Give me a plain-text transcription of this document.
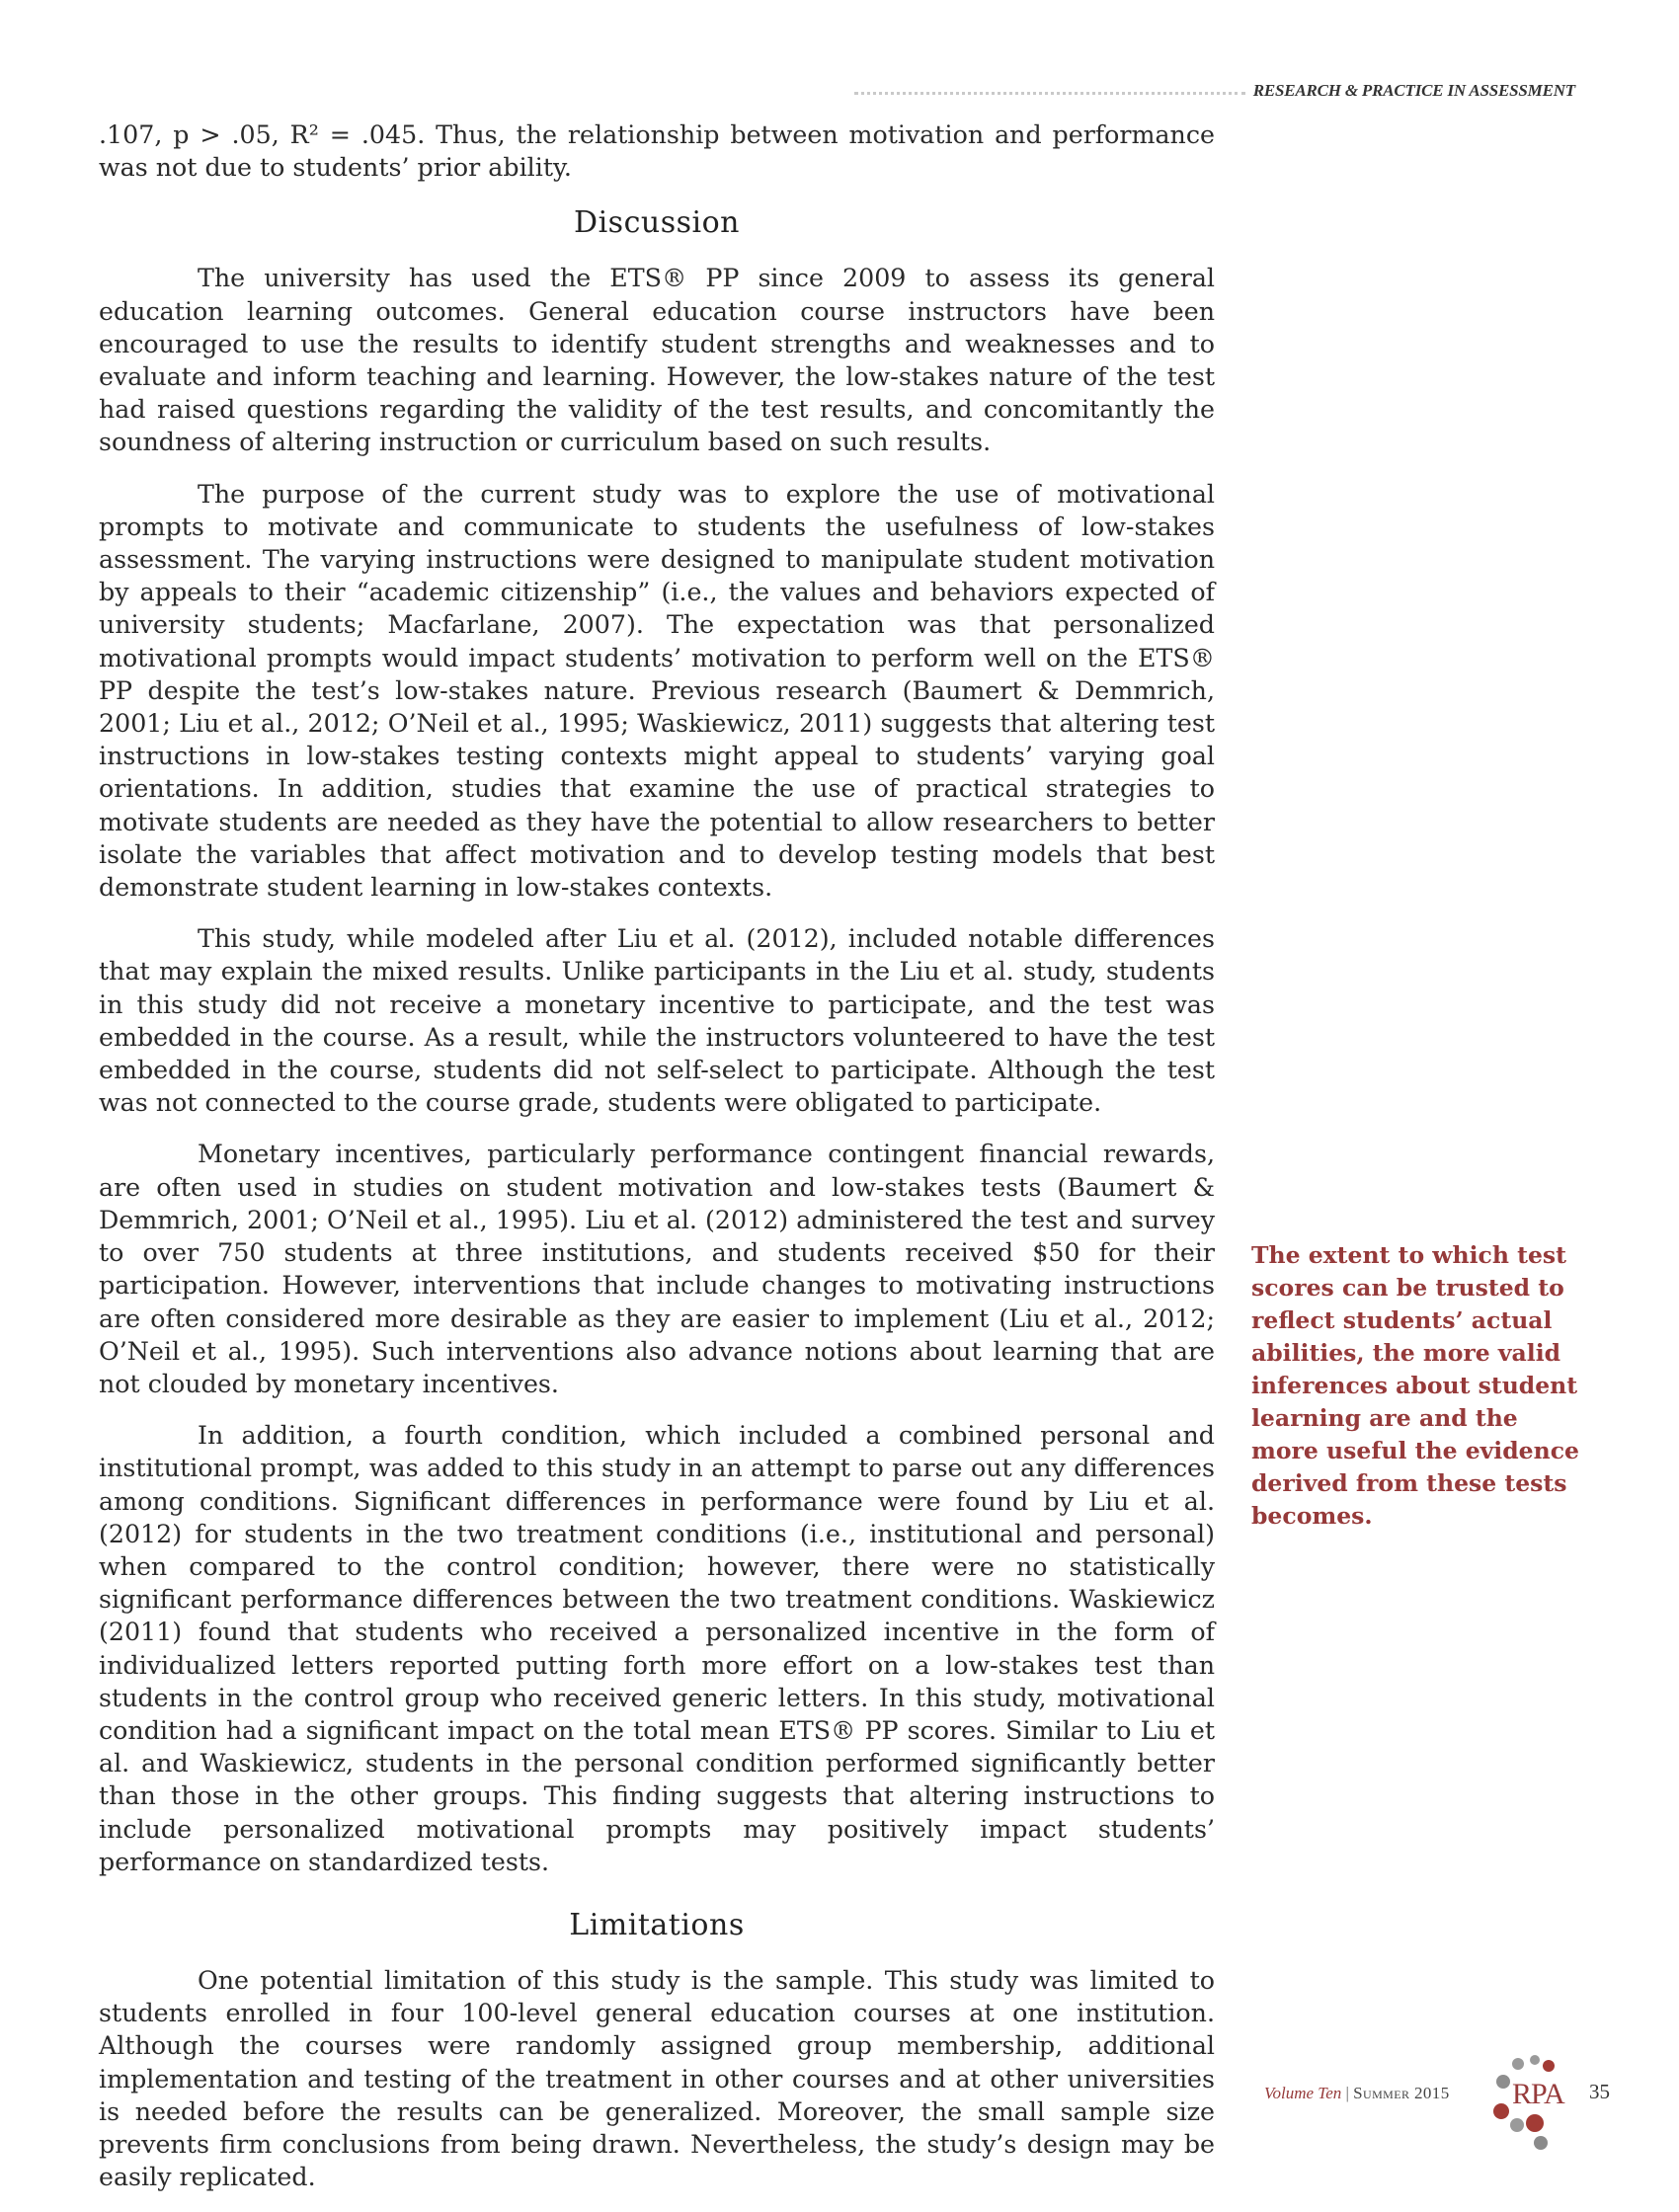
RESEARCH & PRACTICE IN ASSESSMENT

.107, p > .05, R² = .045. Thus, the relationship between motivation and performance was not due to students’ prior ability.

Discussion

The university has used the ETS® PP since 2009 to assess its general education learning outcomes. General education course instructors have been encouraged to use the results to identify student strengths and weaknesses and to evaluate and inform teaching and learning. However, the low-stakes nature of the test had raised questions regarding the validity of the test results, and concomitantly the soundness of altering instruction or curriculum based on such results.

The purpose of the current study was to explore the use of motivational prompts to motivate and communicate to students the usefulness of low-stakes assessment. The varying instructions were designed to manipulate student motivation by appeals to their “academic citizenship” (i.e., the values and behaviors expected of university students; Macfarlane, 2007). The expectation was that personalized motivational prompts would impact students’ motivation to perform well on the ETS® PP despite the test’s low-stakes nature. Previous research (Baumert & Demmrich, 2001; Liu et al., 2012; O’Neil et al., 1995; Waskiewicz, 2011) suggests that altering test instructions in low-stakes testing contexts might appeal to students’ varying goal orientations. In addition, studies that examine the use of practical strategies to motivate students are needed as they have the potential to allow researchers to better isolate the variables that affect motivation and to develop testing models that best demonstrate student learning in low-stakes contexts.

This study, while modeled after Liu et al. (2012), included notable differences that may explain the mixed results. Unlike participants in the Liu et al. study, students in this study did not receive a monetary incentive to participate, and the test was embedded in the course. As a result, while the instructors volunteered to have the test embedded in the course, students did not self-select to participate. Although the test was not connected to the course grade, students were obligated to participate.

Monetary incentives, particularly performance contingent financial rewards, are often used in studies on student motivation and low-stakes tests (Baumert & Demmrich, 2001; O’Neil et al., 1995). Liu et al. (2012) administered the test and survey to over 750 students at three institutions, and students received $50 for their participation. However, interventions that include changes to motivating instructions are often considered more desirable as they are easier to implement (Liu et al., 2012; O’Neil et al., 1995). Such interventions also advance notions about learning that are not clouded by monetary incentives.

In addition, a fourth condition, which included a combined personal and institutional prompt, was added to this study in an attempt to parse out any differences among conditions. Significant differences in performance were found by Liu et al. (2012) for students in the two treatment conditions (i.e., institutional and personal) when compared to the control condition; however, there were no statistically significant performance differences between the two treatment conditions. Waskiewicz (2011) found that students who received a personalized incentive in the form of individualized letters reported putting forth more effort on a low-stakes test than students in the control group who received generic letters. In this study, motivational condition had a significant impact on the total mean ETS® PP scores. Similar to Liu et al. and Waskiewicz, students in the personal condition performed significantly better than those in the other groups. This finding suggests that altering instructions to include personalized motivational prompts may positively impact students’ performance on standardized tests.

Limitations

One potential limitation of this study is the sample. This study was limited to students enrolled in four 100-level general education courses at one institution. Although the courses were randomly assigned group membership, additional implementation and testing of the treatment in other courses and at other universities is needed before the results can be generalized. Moreover, the small sample size prevents firm conclusions from being drawn. Nevertheless, the study’s design may be easily replicated.

The extent to which test scores can be trusted to reflect students’ actual abilities, the more valid inferences about student learning are and the more useful the evidence derived from these tests becomes.
Volume Ten | Summer 2015 RPA 35
